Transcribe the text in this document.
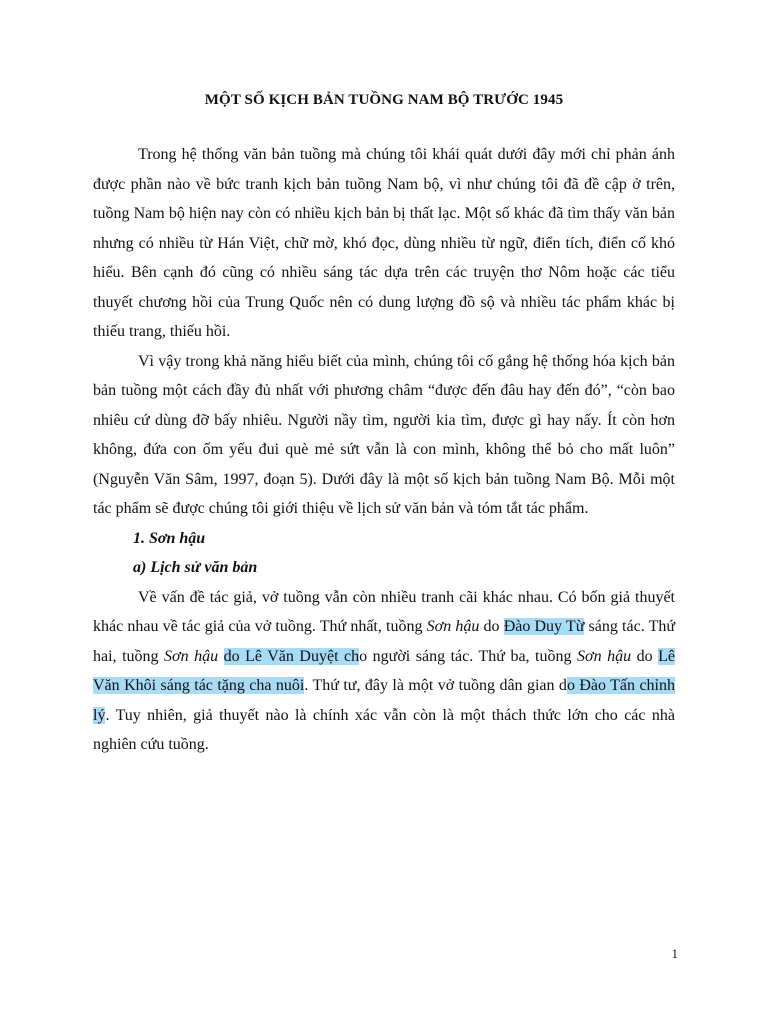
MỘT SỐ KỊCH BẢN TUỒNG NAM BỘ TRƯỚC 1945

Trong hệ thống văn bản tuồng mà chúng tôi khái quát dưới đây mới chỉ phản ánh được phần nào về bức tranh kịch bản tuồng Nam bộ, vì như chúng tôi đã đề cập ở trên, tuồng Nam bộ hiện nay còn có nhiều kịch bản bị thất lạc. Một số khác đã tìm thấy văn bản nhưng có nhiều từ Hán Việt, chữ mờ, khó đọc, dùng nhiều từ ngữ, điển tích, điển cố khó hiểu. Bên cạnh đó cũng có nhiều sáng tác dựa trên các truyện thơ Nôm hoặc các tiểu thuyết chương hồi của Trung Quốc nên có dung lượng đồ sộ và nhiều tác phẩm khác bị thiếu trang, thiếu hồi.

Vì vậy trong khả năng hiểu biết của mình, chúng tôi cố gắng hệ thống hóa kịch bản bản tuồng một cách đầy đủ nhất với phương châm “được đến đâu hay đến đó”, “còn bao nhiêu cứ dùng đỡ bấy nhiêu. Người nầy tìm, người kia tìm, được gì hay nấy. Ít còn hơn không, đứa con ốm yếu đui què mẻ sứt vẫn là con mình, không thể bỏ cho mất luôn” (Nguyễn Văn Sâm, 1997, đoạn 5). Dưới đây là một số kịch bản tuồng Nam Bộ. Mỗi một tác phẩm sẽ được chúng tôi giới thiệu về lịch sử văn bản và tóm tắt tác phẩm.

1. Sơn hậu

a) Lịch sử văn bản

Về vấn đề tác giả, vở tuồng vẫn còn nhiều tranh cãi khác nhau. Có bốn giả thuyết khác nhau về tác giả của vở tuồng. Thứ nhất, tuồng Sơn hậu do Đào Duy Từ sáng tác. Thứ hai, tuồng Sơn hậu do Lê Văn Duyệt cho người sáng tác. Thứ ba, tuồng Sơn hậu do Lê Văn Khôi sáng tác tặng cha nuôi. Thứ tư, đây là một vở tuồng dân gian do Đào Tấn chỉnh lý. Tuy nhiên, giả thuyết nào là chính xác vẫn còn là một thách thức lớn cho các nhà nghiên cứu tuồng.

1
